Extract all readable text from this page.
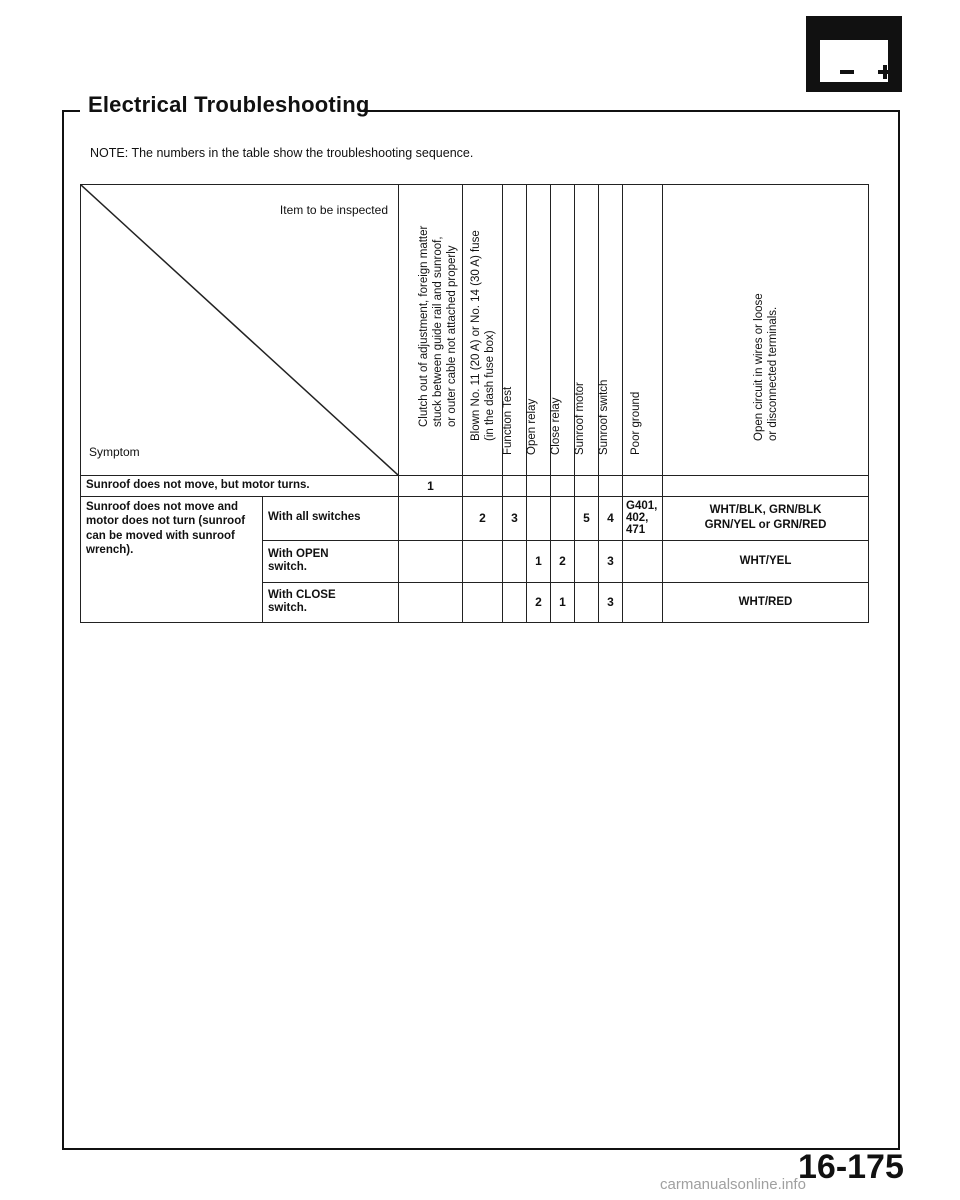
Electrical Troubleshooting
NOTE: The numbers in the table show the troubleshooting sequence.
Item to be inspected
Symptom		Clutch out of adjustment, foreign matter
stuck between guide rail and sunroof,
or outer cable not attached properly	Blown No. 11 (20 A) or No. 14 (30 A) fuse
(in the dash fuse box)	Function Test	Open relay	Close relay	Sunroof motor	Sunroof switch	Poor ground	Open circuit in wires or loose
or disconnected terminals.

Sunroof does not move, but motor turns.		1								
Sunroof does not move and motor does not turn (sunroof can be moved with sunroof wrench).	With all switches		2	3			5	4	G401,
402,
471	WHT/BLK, GRN/BLK
GRN/YEL or GRN/RED
	With OPEN
switch.				1	2		3		WHT/YEL
	With CLOSE
switch.				2	1		3		WHT/RED
16-175
carmanualsonline.info
